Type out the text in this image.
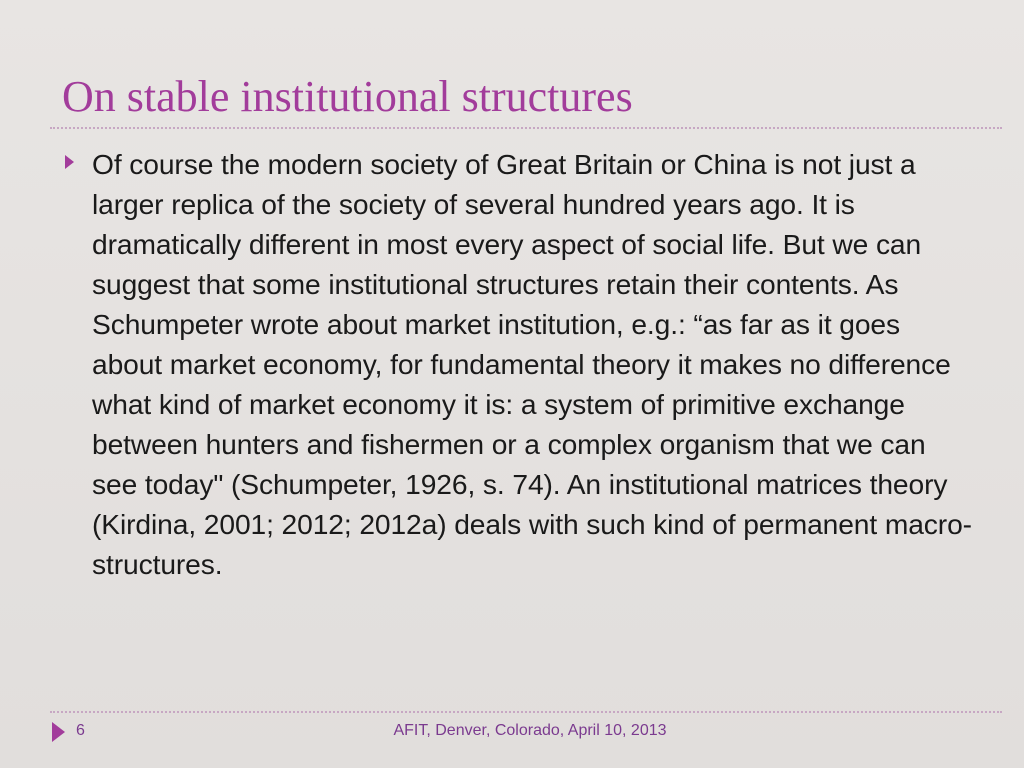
On stable institutional structures
Of course the modern society of Great Britain or China is not just a larger replica of the society of several hundred years ago. It is dramatically different in most every aspect of social life. But we can suggest that some institutional structures retain their contents. As Schumpeter wrote about market institution, e.g.: “as far as it goes about market economy, for fundamental theory it makes no difference what kind of market economy it is: a system of primitive exchange between hunters and fishermen or a complex organism that we can see today" (Schumpeter, 1926, s. 74). An institutional matrices theory (Kirdina, 2001; 2012; 2012a) deals with such kind of permanent macro-structures.
6	AFIT, Denver, Colorado, April 10, 2013
